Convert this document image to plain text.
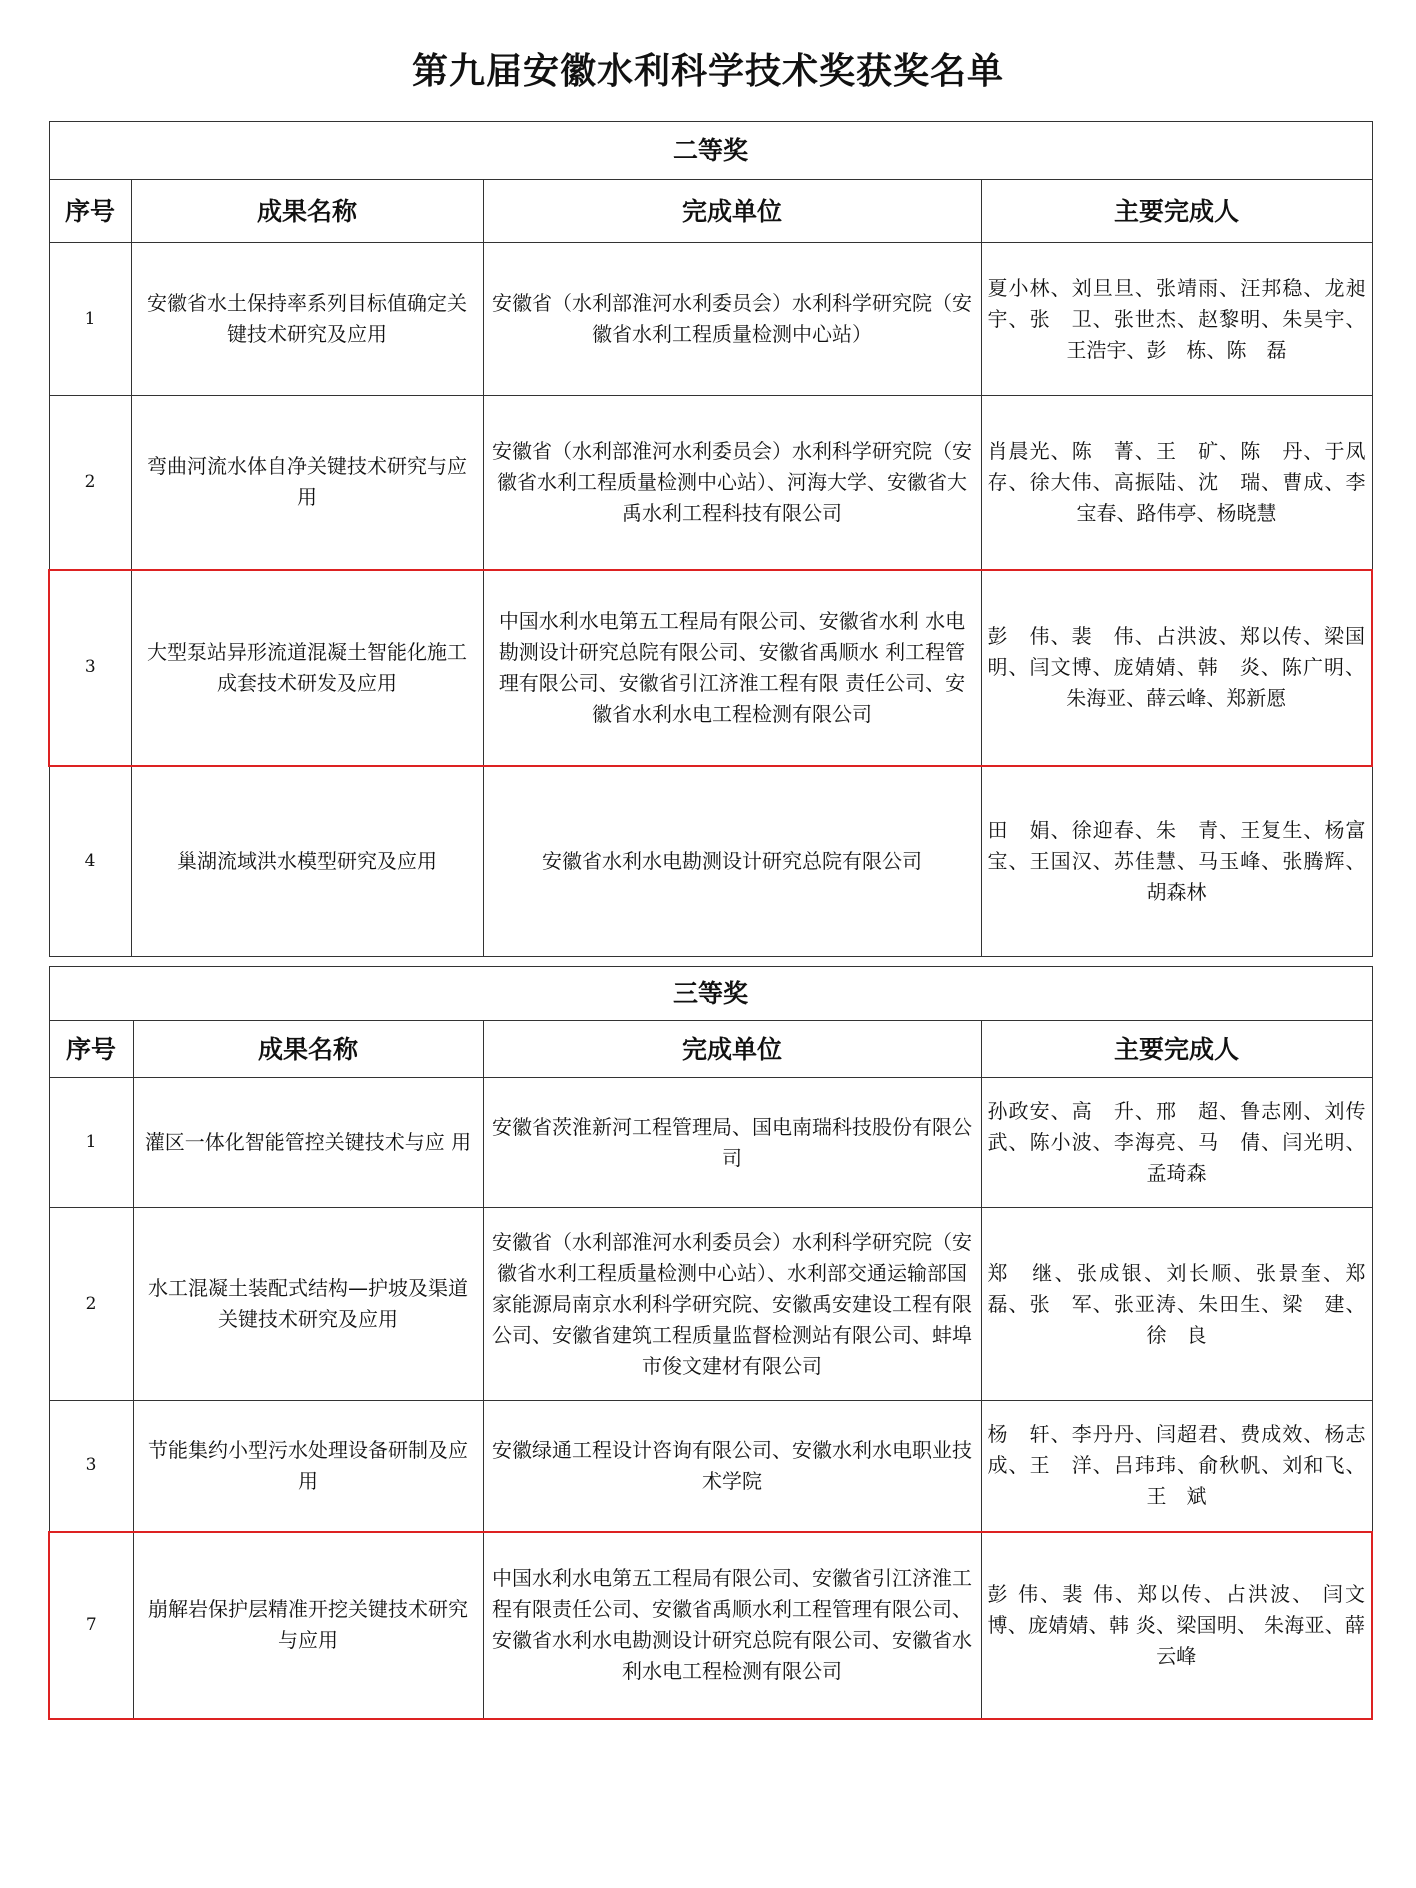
第九届安徽水利科学技术奖获奖名单
二等奖			
序号	成果名称	完成单位	主要完成人
1	安徽省水土保持率系列目标值确定关键技术研究及应用	安徽省（水利部淮河水利委员会）水利科学研究院（安徽省水利工程质量检测中心站）	夏小林、刘旦旦、张靖雨、汪邦稳、龙昶宇、张　卫、张世杰、赵黎明、朱昊宇、王浩宇、彭　栋、陈　磊
2	弯曲河流水体自净关键技术研究与应用	安徽省（水利部淮河水利委员会）水利科学研究院（安徽省水利工程质量检测中心站）、河海大学、安徽省大禹水利工程科技有限公司	肖晨光、陈　菁、王　矿、陈　丹、于凤存、徐大伟、高振陆、沈　瑞、曹成、李宝春、路伟亭、杨晓慧
3	大型泵站异形流道混凝土智能化施工成套技术研发及应用	中国水利水电第五工程局有限公司、安徽省水利 水电勘测设计研究总院有限公司、安徽省禹顺水 利工程管理有限公司、安徽省引江济淮工程有限 责任公司、安徽省水利水电工程检测有限公司	彭　伟、裴　伟、占洪波、郑以传、梁国明、闫文博、庞婧婧、韩　炎、陈广明、朱海亚、薛云峰、郑新愿
4	巢湖流域洪水模型研究及应用	安徽省水利水电勘测设计研究总院有限公司	田　娟、徐迎春、朱　青、王复生、杨富宝、王国汉、苏佳慧、马玉峰、张腾辉、胡森林
三等奖			
序号	成果名称	完成单位	主要完成人
1	灌区一体化智能管控关键技术与应 用	安徽省茨淮新河工程管理局、国电南瑞科技股份有限公司	孙政安、高　升、邢　超、鲁志刚、刘传武、陈小波、李海亮、马　倩、闫光明、孟琦森
2	水工混凝土装配式结构—护坡及渠道关键技术研究及应用	安徽省（水利部淮河水利委员会）水利科学研究院（安徽省水利工程质量检测中心站）、水利部交通运输部国家能源局南京水利科学研究院、安徽禹安建设工程有限公司、安徽省建筑工程质量监督检测站有限公司、蚌埠市俊文建材有限公司	郑　继、张成银、刘长顺、张景奎、郑　磊、张　军、张亚涛、朱田生、梁　建、徐　良
3	节能集约小型污水处理设备研制及应用	安徽绿通工程设计咨询有限公司、安徽水利水电职业技术学院	杨　轩、李丹丹、闫超君、费成效、杨志成、王　洋、吕玮玮、俞秋帆、刘和飞、王　斌
7	崩解岩保护层精准开挖关键技术研究与应用	中国水利水电第五工程局有限公司、安徽省引江济淮工程有限责任公司、安徽省禹顺水利工程管理有限公司、安徽省水利水电勘测设计研究总院有限公司、安徽省水利水电工程检测有限公司	彭 伟、裴 伟、郑以传、占洪波、 闫文博、庞婧婧、韩 炎、梁国明、 朱海亚、薛云峰
